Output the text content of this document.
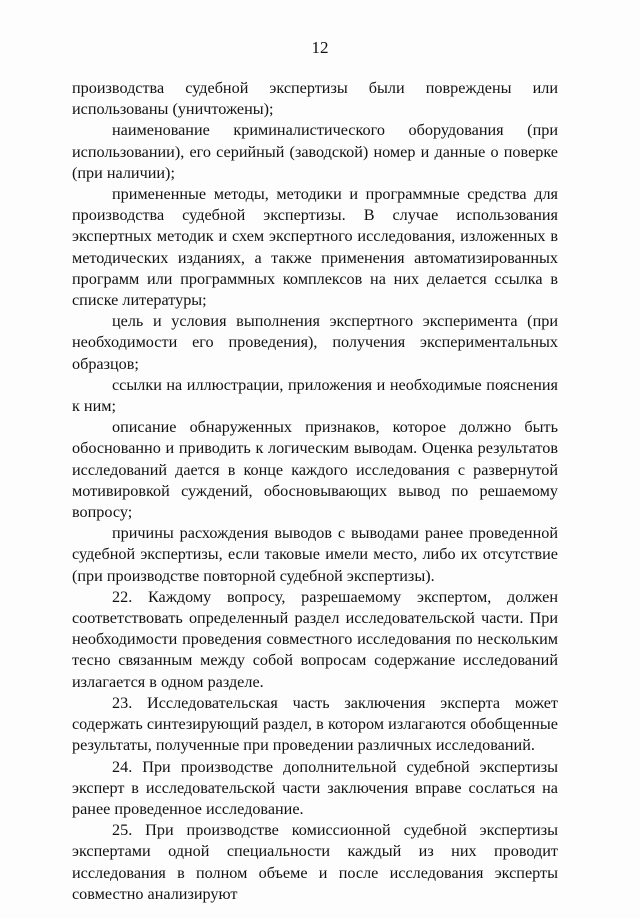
12

производства судебной экспертизы были повреждены или использованы (уничтожены);

наименование криминалистического оборудования (при использовании), его серийный (заводской) номер и данные о поверке (при наличии);

примененные методы, методики и программные средства для производства судебной экспертизы. В случае использования экспертных методик и схем экспертного исследования, изложенных в методических изданиях, а также применения автоматизированных программ или программных комплексов на них делается ссылка в списке литературы;

цель и условия выполнения экспертного эксперимента (при необходимости его проведения), получения экспериментальных образцов;

ссылки на иллюстрации, приложения и необходимые пояснения к ним;

описание обнаруженных признаков, которое должно быть обоснованно и приводить к логическим выводам. Оценка результатов исследований дается в конце каждого исследования с развернутой мотивировкой суждений, обосновывающих вывод по решаемому вопросу;

причины расхождения выводов с выводами ранее проведенной судебной экспертизы, если таковые имели место, либо их отсутствие (при производстве повторной судебной экспертизы).

22. Каждому вопросу, разрешаемому экспертом, должен соответствовать определенный раздел исследовательской части. При необходимости проведения совместного исследования по нескольким тесно связанным между собой вопросам содержание исследований излагается в одном разделе.

23. Исследовательская часть заключения эксперта может содержать синтезирующий раздел, в котором излагаются обобщенные результаты, полученные при проведении различных исследований.

24. При производстве дополнительной судебной экспертизы эксперт в исследовательской части заключения вправе сослаться на ранее проведенное исследование.

25. При производстве комиссионной судебной экспертизы экспертами одной специальности каждый из них проводит исследования в полном объеме и после исследования эксперты совместно анализируют
